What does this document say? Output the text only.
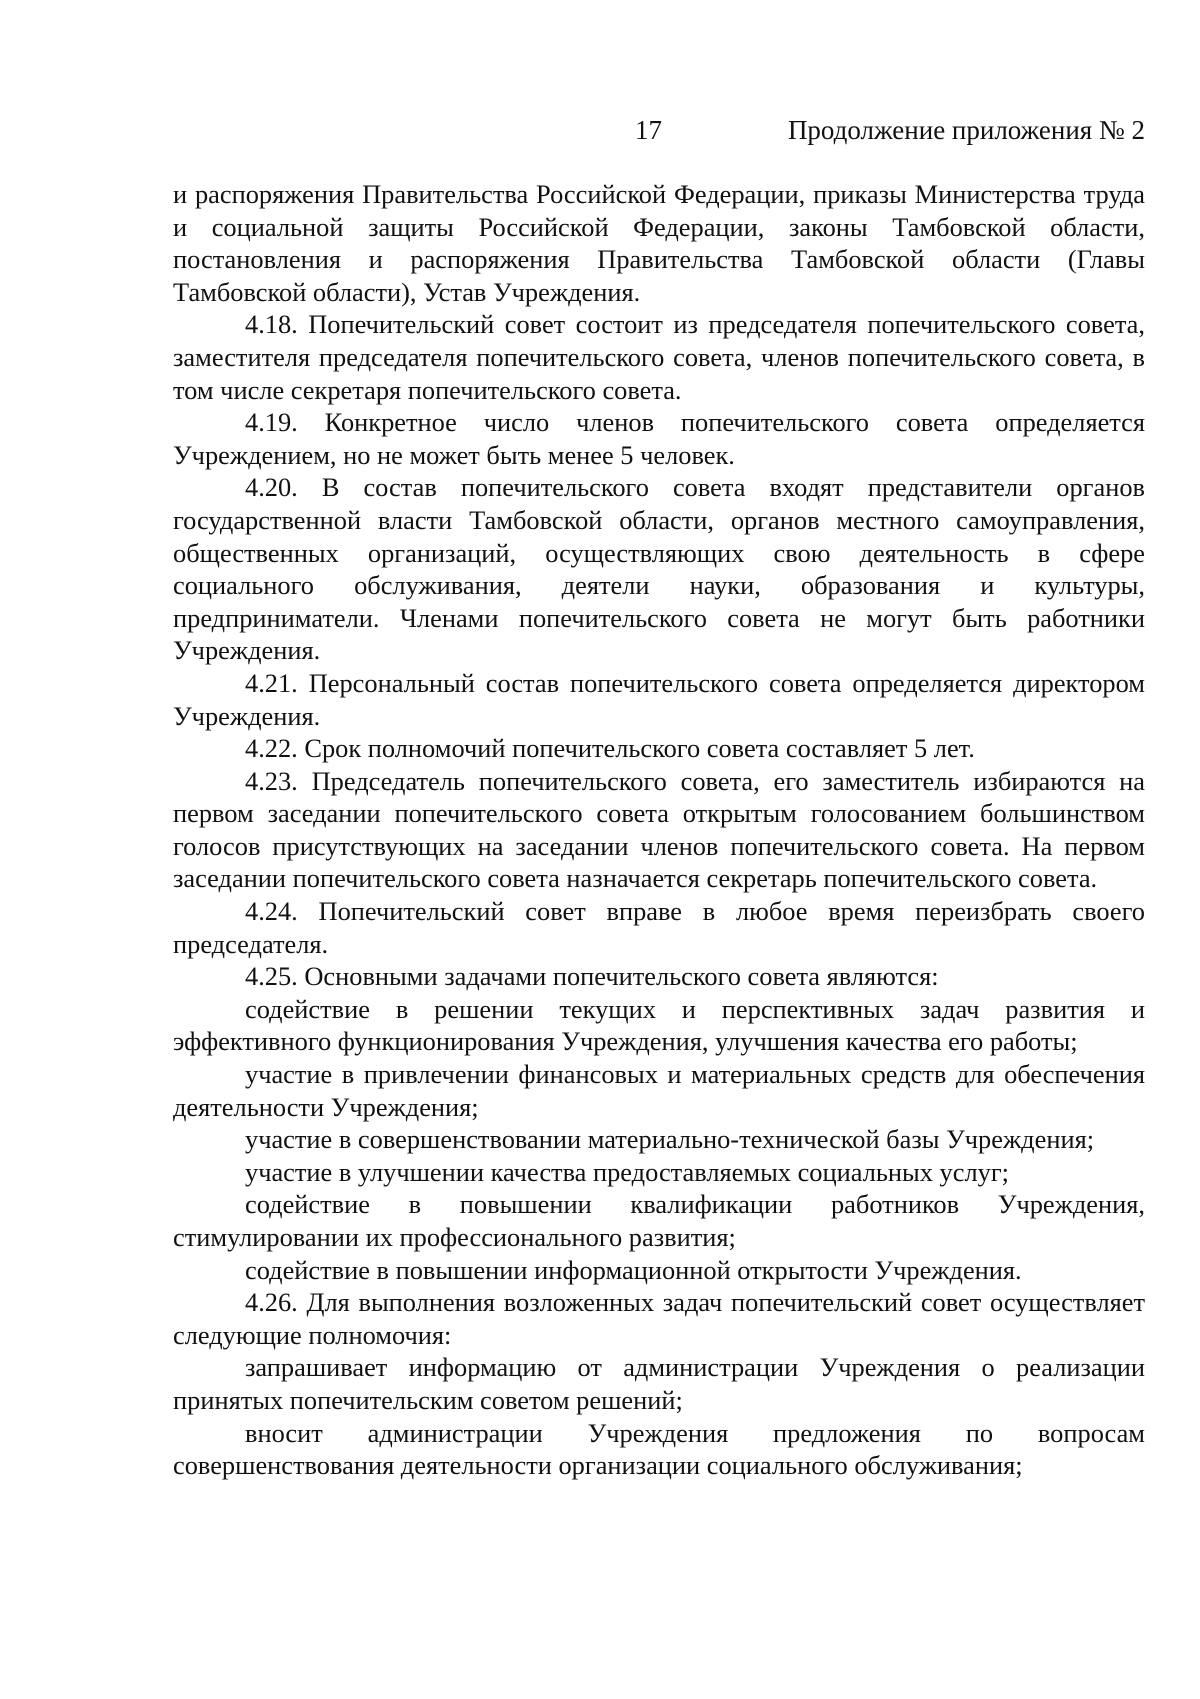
17	Продолжение приложения № 2

и распоряжения Правительства Российской Федерации, приказы Министерства труда и социальной защиты Российской Федерации, законы Тамбовской области, постановления и распоряжения Правительства Тамбовской области (Главы Тамбовской области), Устав Учреждения.

4.18. Попечительский совет состоит из председателя попечительского совета, заместителя председателя попечительского совета, членов попечительского совета, в том числе секретаря попечительского совета.

4.19. Конкретное число членов попечительского совета определяется Учреждением, но не может быть менее 5 человек.

4.20. В состав попечительского совета входят представители органов государственной власти Тамбовской области, органов местного самоуправления, общественных организаций, осуществляющих свою деятельность в сфере социального обслуживания, деятели науки, образования и культуры, предприниматели. Членами попечительского совета не могут быть работники Учреждения.

4.21. Персональный состав попечительского совета определяется директором Учреждения.

4.22. Срок полномочий попечительского совета составляет 5 лет.

4.23. Председатель попечительского совета, его заместитель избираются на первом заседании попечительского совета открытым голосованием большинством голосов присутствующих на заседании членов попечительского совета. На первом заседании попечительского совета назначается секретарь попечительского совета.

4.24. Попечительский совет вправе в любое время переизбрать своего председателя.

4.25. Основными задачами попечительского совета являются:

содействие в решении текущих и перспективных задач развития и эффективного функционирования Учреждения, улучшения качества его работы;

участие в привлечении финансовых и материальных средств для обеспечения деятельности Учреждения;

участие в совершенствовании материально-технической базы Учреждения;

участие в улучшении качества предоставляемых социальных услуг;

содействие в повышении квалификации работников Учреждения, стимулировании их профессионального развития;

содействие в повышении информационной открытости Учреждения.

4.26. Для выполнения возложенных задач попечительский совет осуществляет следующие полномочия:

запрашивает информацию от администрации Учреждения о реализации принятых попечительским советом решений;

вносит администрации Учреждения предложения по вопросам совершенствования деятельности организации социального обслуживания;
